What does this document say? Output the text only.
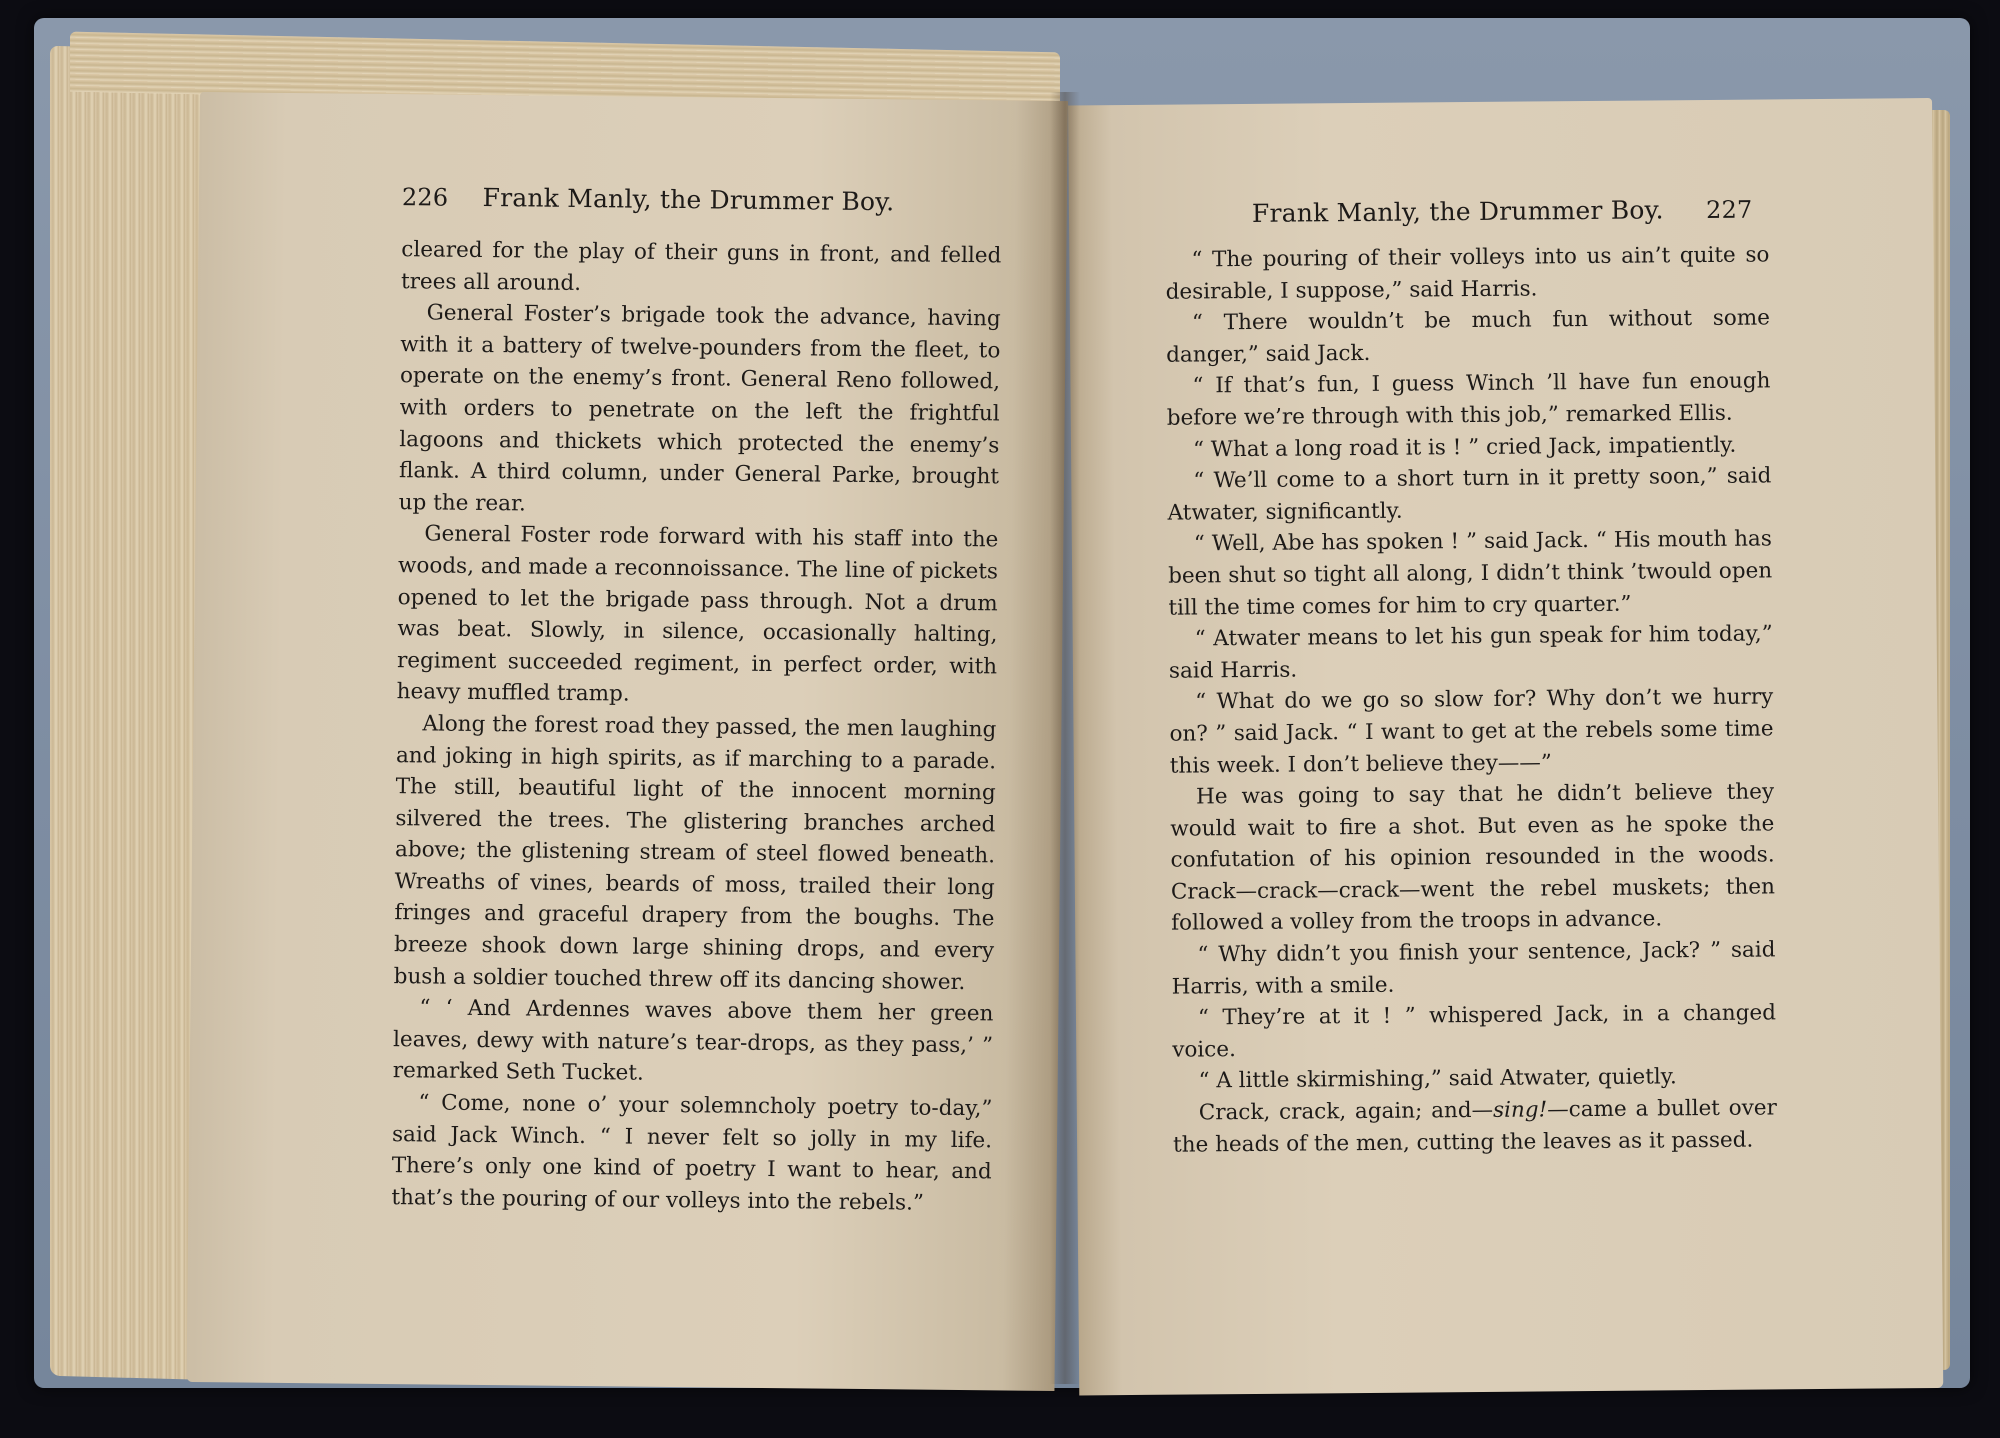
226 Frank Manly, the Drummer Boy.

cleared for the play of their guns in front, and felled trees all around.

General Foster’s brigade took the advance, having with it a battery of twelve-pounders from the fleet, to operate on the enemy’s front. General Reno followed, with orders to penetrate on the left the frightful lagoons and thickets which protected the enemy’s flank. A third column, under General Parke, brought up the rear.

General Foster rode forward with his staff into the woods, and made a reconnoissance. The line of pickets opened to let the brigade pass through. Not a drum was beat. Slowly, in silence, occasionally halting, regiment succeeded regiment, in perfect order, with heavy muffled tramp.

Along the forest road they passed, the men laughing and joking in high spirits, as if marching to a parade. The still, beautiful light of the innocent morning silvered the trees. The glistering branches arched above; the glistening stream of steel flowed beneath. Wreaths of vines, beards of moss, trailed their long fringes and graceful drapery from the boughs. The breeze shook down large shining drops, and every bush a soldier touched threw off its dancing shower.

“ ‘ And Ardennes waves above them her green leaves, dewy with nature’s tear-drops, as they pass,’ ” remarked Seth Tucket.

“ Come, none o’ your solemncholy poetry to-day,” said Jack Winch. “ I never felt so jolly in my life. There’s only one kind of poetry I want to hear, and that’s the pouring of our volleys into the rebels.”

Frank Manly, the Drummer Boy. 227

“ The pouring of their volleys into us ain’t quite so desirable, I suppose,” said Harris.

“ There wouldn’t be much fun without some danger,” said Jack.

“ If that’s fun, I guess Winch ’ll have fun enough before we’re through with this job,” remarked Ellis.

“ What a long road it is ! ” cried Jack, impatiently.

“ We’ll come to a short turn in it pretty soon,” said Atwater, significantly.

“ Well, Abe has spoken ! ” said Jack. “ His mouth has been shut so tight all along, I didn’t think ’twould open till the time comes for him to cry quarter.”

“ Atwater means to let his gun speak for him today,” said Harris.

“ What do we go so slow for? Why don’t we hurry on? ” said Jack. “ I want to get at the rebels some time this week. I don’t believe they——”

He was going to say that he didn’t believe they would wait to fire a shot. But even as he spoke the confutation of his opinion resounded in the woods. Crack—crack—crack—went the rebel muskets; then followed a volley from the troops in advance.

“ Why didn’t you finish your sentence, Jack? ” said Harris, with a smile.

“ They’re at it ! ” whispered Jack, in a changed voice.

“ A little skirmishing,” said Atwater, quietly.

Crack, crack, again; and—sing!—came a bullet over the heads of the men, cutting the leaves as it passed.
